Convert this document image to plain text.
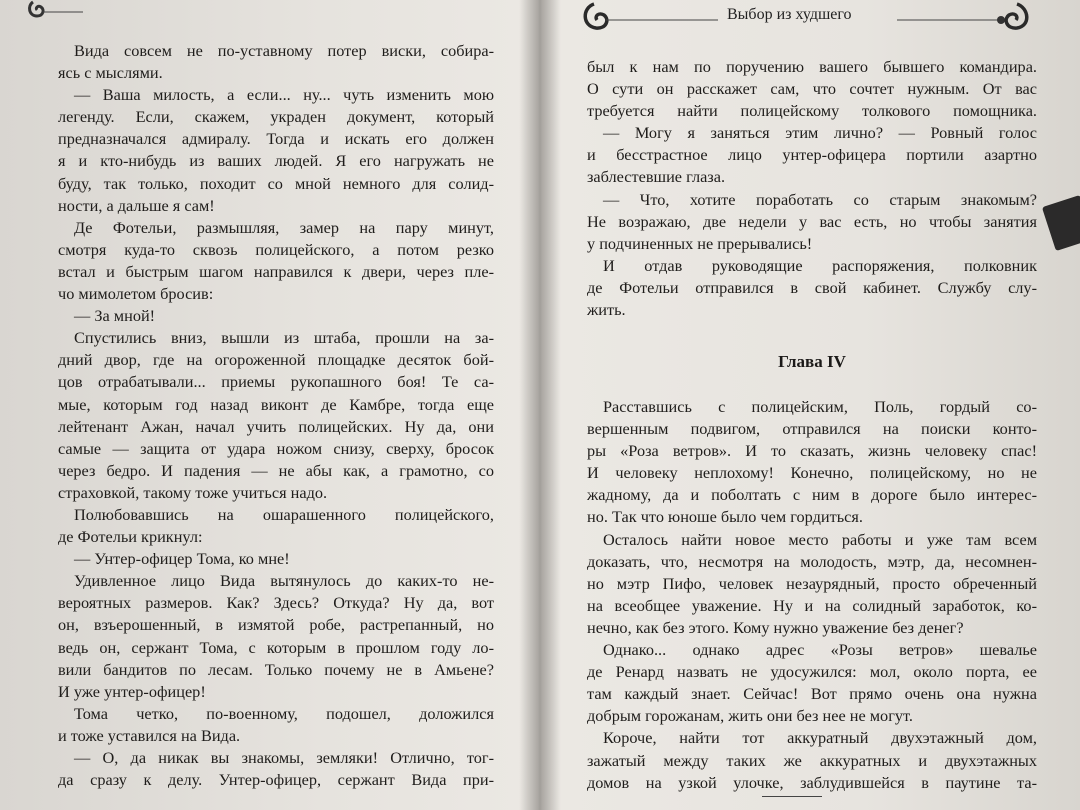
Вида совсем не по-уставному потер виски, собира-
ясь с мыслями.
— Ваша милость, а если... ну... чуть изменить мою
легенду. Если, скажем, украден документ, который
предназначался адмиралу. Тогда и искать его должен
я и кто-нибудь из ваших людей. Я его нагружать не
буду, так только, походит со мной немного для солид-
ности, а дальше я сам!
Де Фотельи, размышляя, замер на пару минут,
смотря куда-то сквозь полицейского, а потом резко
встал и быстрым шагом направился к двери, через пле-
чо мимолетом бросив:
— За мной!
Спустились вниз, вышли из штаба, прошли на за-
дний двор, где на огороженной площадке десяток бой-
цов отрабатывали... приемы рукопашного боя! Те са-
мые, которым год назад виконт де Камбре, тогда еще
лейтенант Ажан, начал учить полицейских. Ну да, они
самые — защита от удара ножом снизу, сверху, бросок
через бедро. И падения — не абы как, а грамотно, со
страховкой, такому тоже учиться надо.
Полюбовавшись на ошарашенного полицейского,
де Фотельи крикнул:
— Унтер-офицер Тома, ко мне!
Удивленное лицо Вида вытянулось до каких-то не-
вероятных размеров. Как? Здесь? Откуда? Ну да, вот
он, взъерошенный, в измятой робе, растрепанный, но
ведь он, сержант Тома, с которым в прошлом году ло-
вили бандитов по лесам. Только почему не в Амьене?
И уже унтер-офицер!
Тома четко, по-военному, подошел, доложился
и тоже уставился на Вида.
— О, да никак вы знакомы, земляки! Отлично, тог-
да сразу к делу. Унтер-офицер, сержант Вида при-
Выбор из худшего
был к нам по поручению вашего бывшего командира.
О сути он расскажет сам, что сочтет нужным. От вас
требуется найти полицейскому толкового помощника.
— Могу я заняться этим лично? — Ровный голос
и бесстрастное лицо унтер-офицера портили азартно
заблестевшие глаза.
— Что, хотите поработать со старым знакомым?
Не возражаю, две недели у вас есть, но чтобы занятия
у подчиненных не прерывались!
И отдав руководящие распоряжения, полковник
де Фотельи отправился в свой кабинет. Службу слу-
жить.
Глава IV
Расставшись с полицейским, Поль, гордый со-
вершенным подвигом, отправился на поиски конто-
ры «Роза ветров». И то сказать, жизнь человеку спас!
И человеку неплохому! Конечно, полицейскому, но не
жадному, да и поболтать с ним в дороге было интерес-
но. Так что юноше было чем гордиться.
Осталось найти новое место работы и уже там всем
доказать, что, несмотря на молодость, мэтр, да, несомнен-
но мэтр Пифо, человек незаурядный, просто обреченный
на всеобщее уважение. Ну и на солидный заработок, ко-
нечно, как без этого. Кому нужно уважение без денег?
Однако... однако адрес «Розы ветров» шевалье
де Ренард назвать не удосужился: мол, около порта, ее
там каждый знает. Сейчас! Вот прямо очень она нужна
добрым горожанам, жить они без нее не могут.
Короче, найти тот аккуратный двухэтажный дом,
зажатый между таких же аккуратных и двухэтажных
домов на узкой улочке, заблудившейся в паутине та-
